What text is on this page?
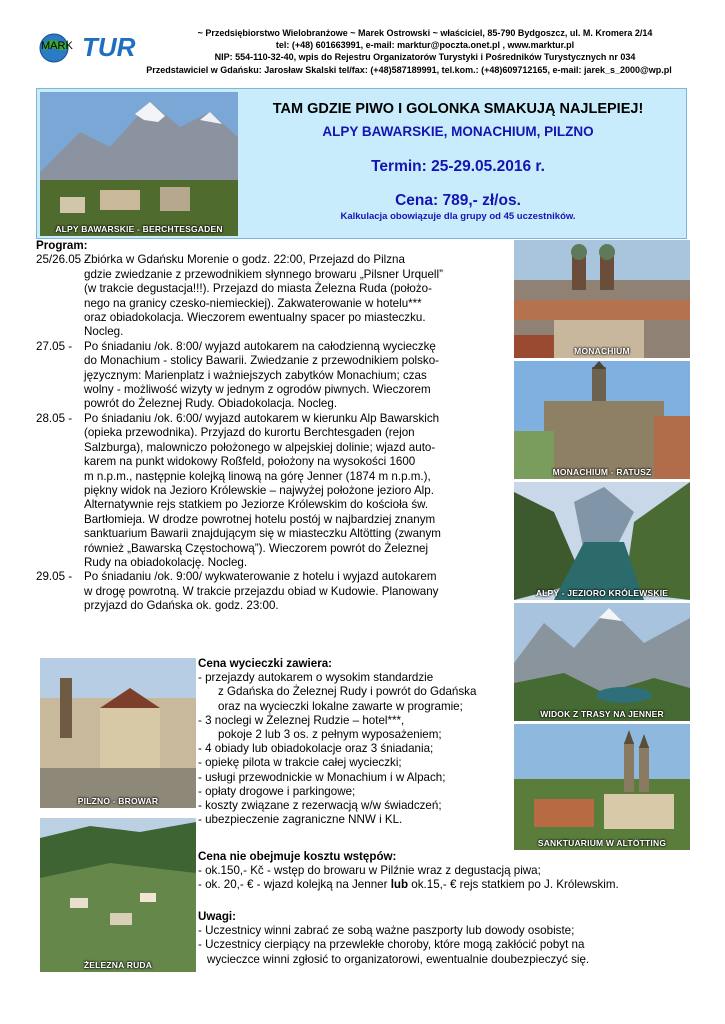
TUR
MARK
~ Przedsiębiorstwo Wielobranżowe ~ Marek Ostrowski ~ właściciel, 85-790 Bydgoszcz, ul. M. Kromera 2/14
tel: (+48) 601663991, e-mail: marktur@poczta.onet.pl , www.marktur.pl
NIP: 554-110-32-40, wpis do Rejestru Organizatorów Turystyki i Pośredników Turystycznych nr 034
Przedstawiciel w Gdańsku: Jarosław Skalski tel/fax: (+48)587189991, tel.kom.: (+48)609712165, e-mail: jarek_s_2000@wp.pl
ALPY BAWARSKIE - BERCHTESGADEN
TAM GDZIE PIWO I GOLONKA SMAKUJĄ NAJLEPIEJ!
ALPY BAWARSKIE, MONACHIUM, PILZNO
Termin: 25-29.05.2016 r.
Cena: 789,- zł/os.
Kalkulacja obowiązuje dla grupy od 45 uczestników.
Program:
25/26.05 -
Zbiórka w Gdańsku Morenie o godz. 22:00, Przejazd do Pilzna
gdzie zwiedzanie z przewodnikiem słynnego browaru „Pilsner Urquell”
(w trakcie degustacja!!!). Przejazd do miasta Żelezna Ruda (położo-
nego na granicy czesko-niemieckiej). Zakwaterowanie w hotelu***
oraz obiadokolacja. Wieczorem ewentualny spacer po miasteczku.
Nocleg.
27.05 - Po śniadaniu /ok. 8:00/ wyjazd autokarem na całodzienną wycieczkę
do Monachium - stolicy Bawarii. Zwiedzanie z przewodnikiem polsko-
języcznym: Marienplatz i ważniejszych zabytków Monachium; czas
wolny - możliwość wizyty w jednym z ogrodów piwnych. Wieczorem
powrót do Żeleznej Rudy. Obiadokolacja. Nocleg.
28.05 - Po śniadaniu /ok. 6:00/ wyjazd autokarem w kierunku Alp Bawarskich
(opieka przewodnika). Przyjazd do kurortu Berchtesgaden (rejon
Salzburga), malowniczo położonego w alpejskiej dolinie; wjazd auto-
karem na punkt widokowy Roßfeld, położony na wysokości 1600
m n.p.m., następnie kolejką linową na górę Jenner (1874 m n.p.m.),
piękny widok na Jezioro Królewskie – najwyżej położone jezioro Alp.
Alternatywnie rejs statkiem po Jeziorze Królewskim do kościoła św.
Bartłomieja. W drodze powrotnej hotelu postój w najbardziej znanym
sanktuarium Bawarii znajdującym się w miasteczku Altötting (zwanym
również „Bawarską Częstochową”). Wieczorem powrót do Żeleznej
Rudy na obiadokolację. Nocleg.
29.05 - Po śniadaniu /ok. 9:00/ wykwaterowanie z hotelu i wyjazd autokarem
w drogę powrotną. W trakcie przejazdu obiad w Kudowie. Planowany
przyjazd do Gdańska ok. godz. 23:00.
MONACHIUM
MONACHIUM - RATUSZ
ALPY - JEZIORO KRÓLEWSKIE
WIDOK Z TRASY NA JENNER
SANKTUARIUM W ALTÖTTING
PILZNO - BROWAR
ŻELEZNA RUDA
Cena wycieczki zawiera:
- przejazdy autokarem o wysokim standardzie
z Gdańska do Żeleznej Rudy i powrót do Gdańska
oraz na wycieczki lokalne zawarte w programie;
- 3 noclegi w Żeleznej Rudzie – hotel***,
pokoje 2 lub 3 os. z pełnym wyposażeniem;
- 4 obiady lub obiadokolacje oraz 3 śniadania;
- opiekę pilota w trakcie całej wycieczki;
- usługi przewodnickie w Monachium i w Alpach;
- opłaty drogowe i parkingowe;
- koszty związane z rezerwacją w/w świadczeń;
- ubezpieczenie zagraniczne NNW i KL.
Cena nie obejmuje kosztu wstępów:
- ok.150,- Kč - wstęp do browaru w Pilźnie wraz z degustacją piwa;
- ok. 20,- € - wjazd kolejką na Jenner lub ok.15,- € rejs statkiem po J. Królewskim.
Uwagi:
- Uczestnicy winni zabrać ze sobą ważne paszporty lub dowody osobiste;
- Uczestnicy cierpiący na przewlekłe choroby, które mogą zakłócić pobyt na
wycieczce winni zgłosić to organizatorowi, ewentualnie doubezpieczyć się.
